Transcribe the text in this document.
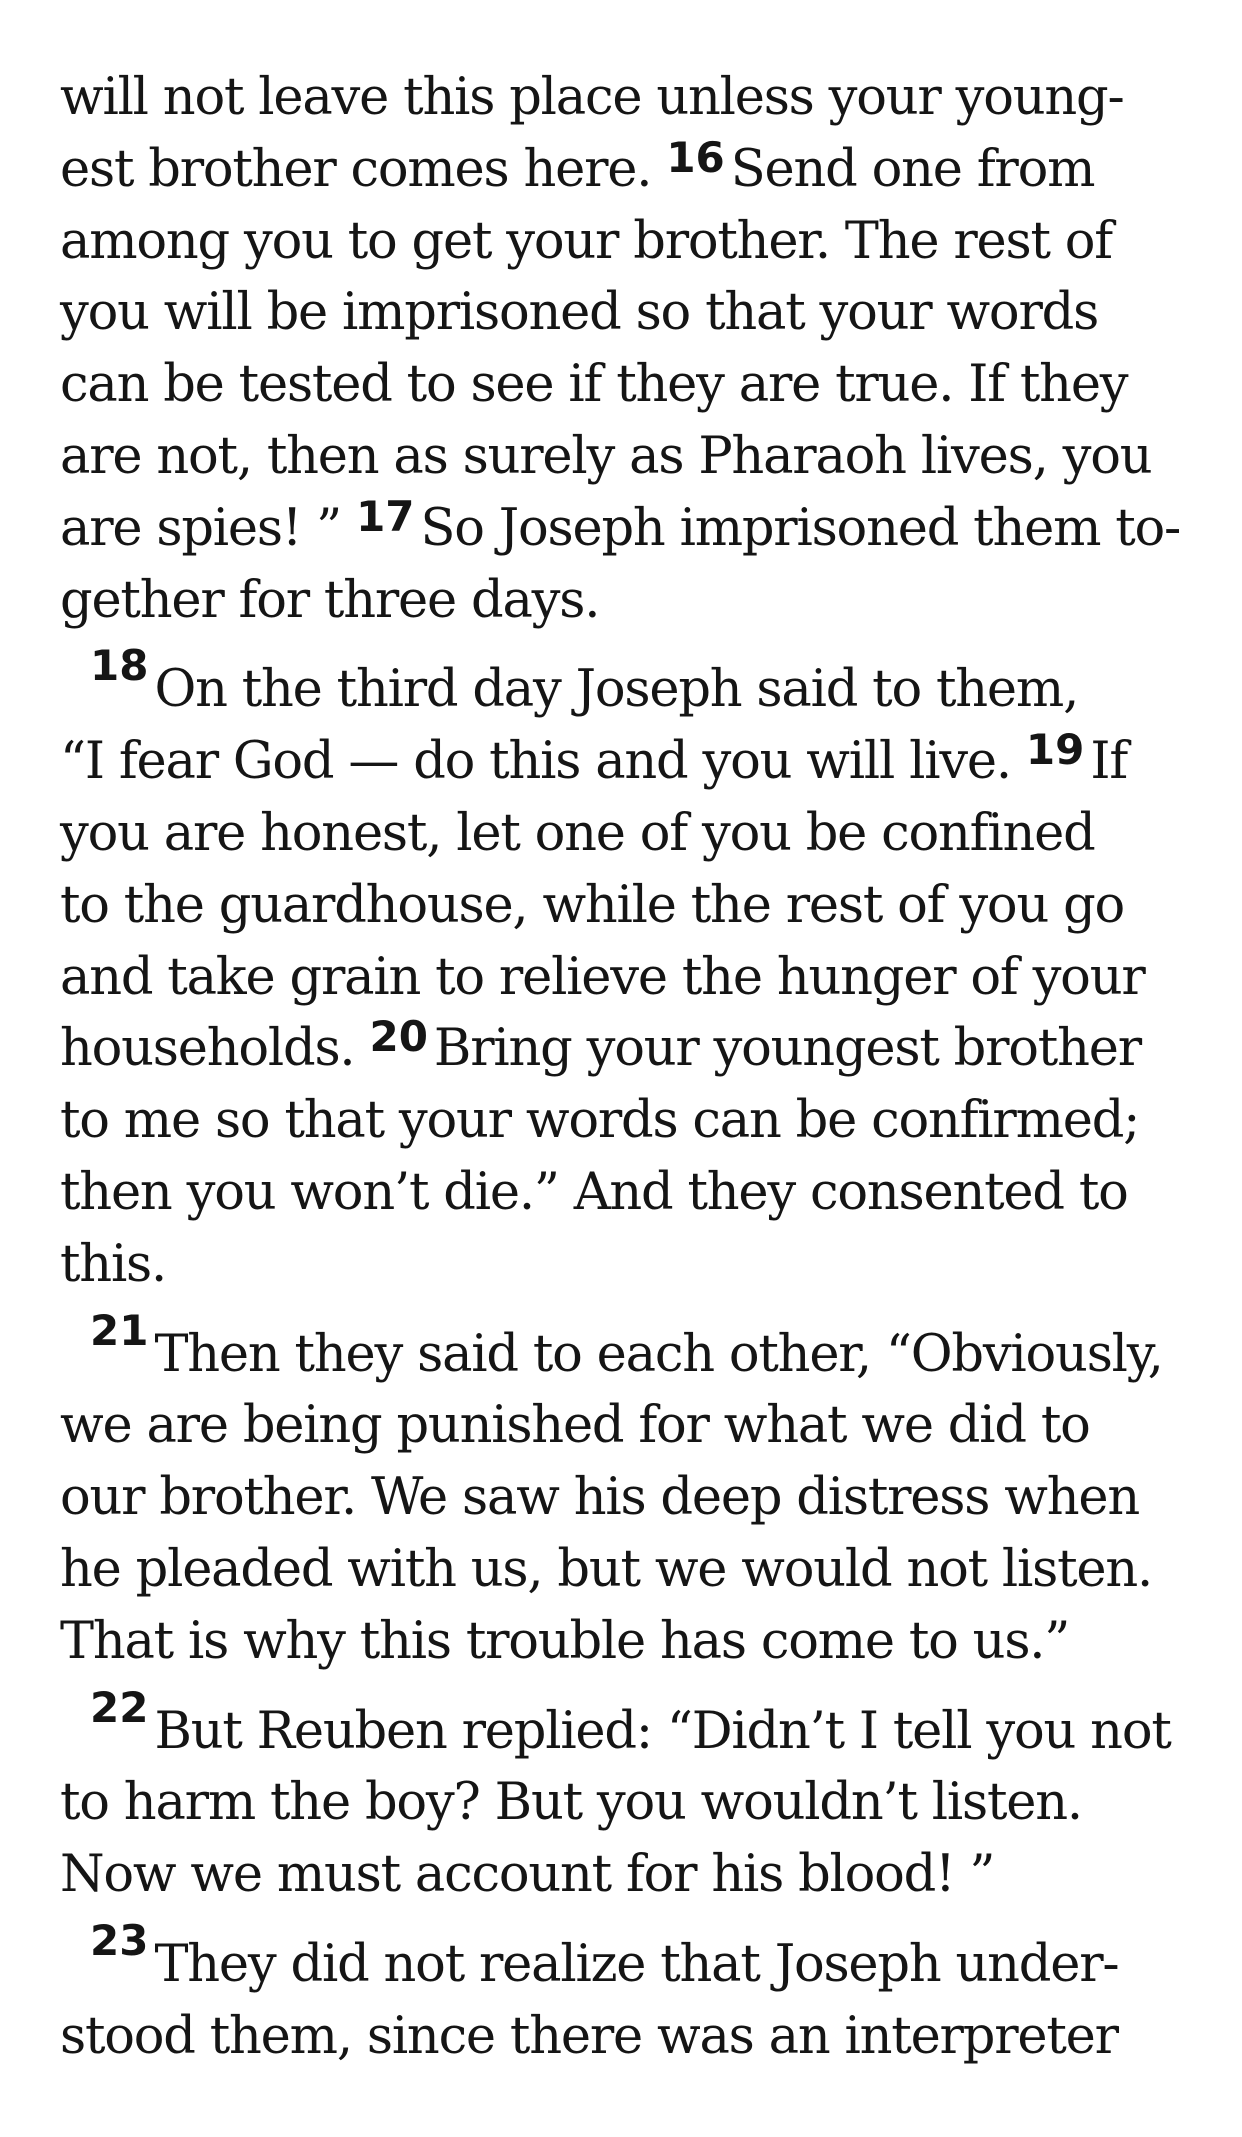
will not leave this place unless your young-
est brother comes here. $^{16}$ Send one from
among you to get your brother. The rest of
you will be imprisoned so that your words
can be tested to see if they are true. If they
are not, then as surely as Pharaoh lives, you
are spies! ” $^{17}$ So Joseph imprisoned them to-
gether for three days.
$^{18}$ On the third day Joseph said to them,
“I fear God — do this and you will live. $^{19}$ If
you are honest, let one of you be confined
to the guardhouse, while the rest of you go
and take grain to relieve the hunger of your
households. $^{20}$ Bring your youngest brother
to me so that your words can be confirmed;
then you won’t die.” And they consented to
this.
$^{21}$ Then they said to each other, “Obviously,
we are being punished for what we did to
our brother. We saw his deep distress when
he pleaded with us, but we would not listen.
That is why this trouble has come to us.”
$^{22}$ But Reuben replied: “Didn’t I tell you not
to harm the boy? But you wouldn’t listen.
Now we must account for his blood! ”
$^{23}$ They did not realize that Joseph under-
stood them, since there was an interpreter
